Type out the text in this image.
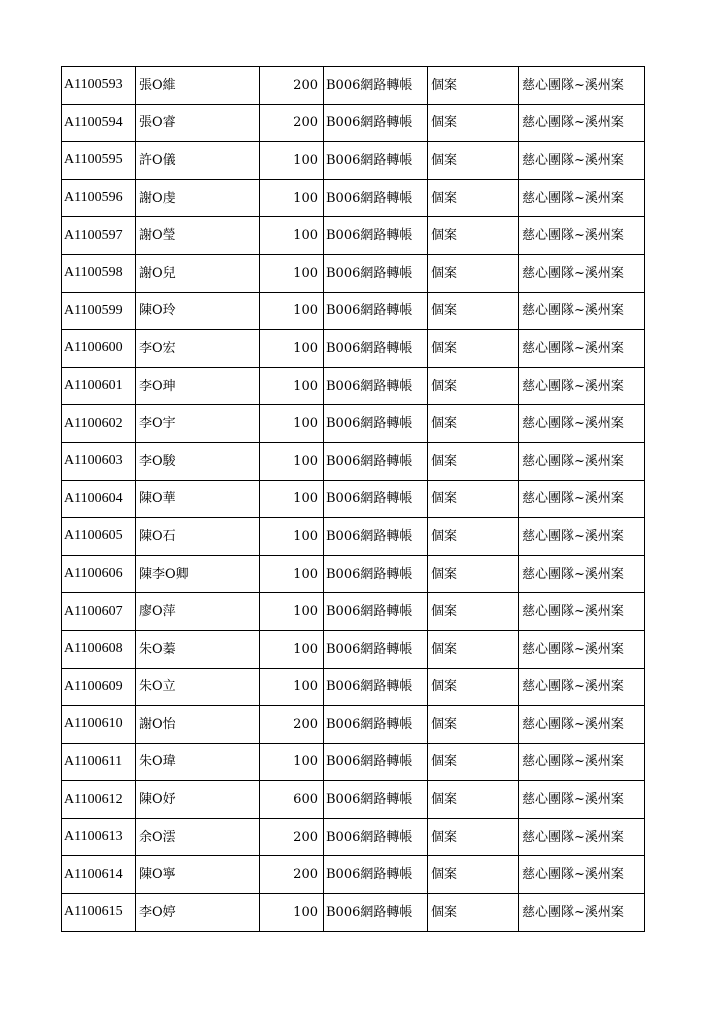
A1100593	張O維	200	B006網路轉帳	個案	慈心團隊~溪州案
A1100594	張O睿	200	B006網路轉帳	個案	慈心團隊~溪州案
A1100595	許O儀	100	B006網路轉帳	個案	慈心團隊~溪州案
A1100596	謝O虔	100	B006網路轉帳	個案	慈心團隊~溪州案
A1100597	謝O瑩	100	B006網路轉帳	個案	慈心團隊~溪州案
A1100598	謝O兒	100	B006網路轉帳	個案	慈心團隊~溪州案
A1100599	陳O玲	100	B006網路轉帳	個案	慈心團隊~溪州案
A1100600	李O宏	100	B006網路轉帳	個案	慈心團隊~溪州案
A1100601	李O珅	100	B006網路轉帳	個案	慈心團隊~溪州案
A1100602	李O宇	100	B006網路轉帳	個案	慈心團隊~溪州案
A1100603	李O駿	100	B006網路轉帳	個案	慈心團隊~溪州案
A1100604	陳O華	100	B006網路轉帳	個案	慈心團隊~溪州案
A1100605	陳O石	100	B006網路轉帳	個案	慈心團隊~溪州案
A1100606	陳李O卿	100	B006網路轉帳	個案	慈心團隊~溪州案
A1100607	廖O萍	100	B006網路轉帳	個案	慈心團隊~溪州案
A1100608	朱O蓁	100	B006網路轉帳	個案	慈心團隊~溪州案
A1100609	朱O立	100	B006網路轉帳	個案	慈心團隊~溪州案
A1100610	謝O怡	200	B006網路轉帳	個案	慈心團隊~溪州案
A1100611	朱O瑋	100	B006網路轉帳	個案	慈心團隊~溪州案
A1100612	陳O妤	600	B006網路轉帳	個案	慈心團隊~溪州案
A1100613	余O澐	200	B006網路轉帳	個案	慈心團隊~溪州案
A1100614	陳O寧	200	B006網路轉帳	個案	慈心團隊~溪州案
A1100615	李O婷	100	B006網路轉帳	個案	慈心團隊~溪州案
